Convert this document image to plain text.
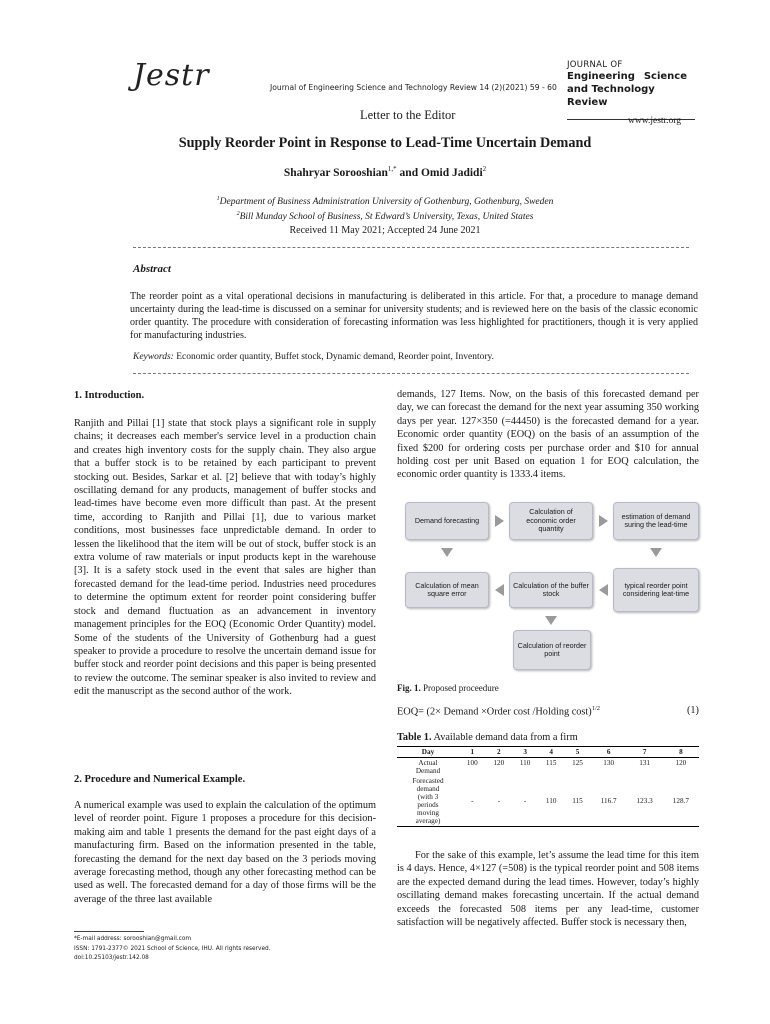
Jestr	Journal of Engineering Science and Technology Review 14 (2)(2021) 59 - 60
JOURNAL OF
Engineering Science
and Technology Review
Letter to the Editor	www.jestr.org
Supply Reorder Point in Response to Lead-Time Uncertain Demand
Shahryar Sorooshian$^{1,*}$ and Omid Jadidi$^2$
$^1$Department of Business Administration University of Gothenburg, Gothenburg, Sweden
$^2$Bill Munday School of Business, St Edward’s University, Texas, United States
Received 11 May 2021; Accepted 24 June 2021
Abstract
The reorder point as a vital operational decisions in manufacturing is deliberated in this article. For that, a procedure to manage demand uncertainty during the lead-time is discussed on a seminar for university students; and is reviewed here on the basis of the classic economic order quantity. The procedure with consideration of forecasting information was less highlighted for practitioners, though it is very applied for manufacturing industries.
Keywords: Economic order quantity, Buffet stock, Dynamic demand, Reorder point, Inventory.
1. Introduction.
Ranjith and Pillai [1] state that stock plays a significant role in supply chains; it decreases each member's service level in a production chain and creates high inventory costs for the supply chain. They also argue that a buffer stock is to be retained by each participant to prevent stocking out. Besides, Sarkar et al. [2] believe that with today’s highly oscillating demand for any products, management of buffer stocks and lead-times have become even more difficult than past. At the present time, according to Ranjith and Pillai [1], due to various market conditions, most businesses face unpredictable demand. In order to lessen the likelihood that the item will be out of stock, buffer stock is an extra volume of raw materials or input products kept in the warehouse [3]. It is a safety stock used in the event that sales are higher than forecasted demand for the lead-time period. Industries need procedures to determine the optimum extent for reorder point considering buffer stock and demand fluctuation as an advancement in inventory management principles for the EOQ (Economic Order Quantity) model. Some of the students of the University of Gothenburg had a guest speaker to provide a procedure to resolve the uncertain demand issue for buffer stock and reorder point decisions and this paper is being presented to review the outcome. The seminar speaker is also invited to review and edit the manuscript as the second author of the work.
2. Procedure and Numerical Example.
A numerical example was used to explain the calculation of the optimum level of reorder point. Figure 1 proposes a procedure for this decision-making aim and table 1 presents the demand for the past eight days of a manufacturing firm. Based on the information presented in the table, forecasting the demand for the next day based on the 3 periods moving average forecasting method, though any other forecasting method can be used as well. The forecasted demand for a day of those firms will be the average of the three last available
demands, 127 Items. Now, on the basis of this forecasted demand per day, we can forecast the demand for the next year assuming 350 working days per year. 127×350 (=44450) is the forecasted demand for a year. Economic order quantity (EOQ) on the basis of an assumption of the fixed $200 for ordering costs per purchase order and $10 for annual holding cost per unit Based on equation 1 for EOQ calculation, the economic order quantity is 1333.4 items.
Demand forecasting
Calculation of economic order quantity
estimation of demand suring the lead-time
typical reorder point considering leat-time
Calculation of the buffer stock
Calculation of mean square error
Calculation of reorder point
Fig. 1. Proposed proceedure
EOQ= (2× Demand ×Order cost /Holding cost)$^{1/2}$	(1)
Table 1. Available demand data from a firm
Day	1	2	3	4	5	6	7	8
Actual Demand	100	120	110	115	125	130	131	120
Forecasted demand (with 3 periods moving average)	-	-	-	110	115	116.7	123.3	128.7
For the sake of this example, let’s assume the lead time for this item is 4 days. Hence, 4×127 (=508) is the typical reorder point and 508 items are the expected demand during the lead times. However, today’s highly oscillating demand makes forecasting uncertain. If the actual demand exceeds the forecasted 508 items per any lead-time, customer satisfaction will be negatively affected. Buffer stock is necessary then,
*E-mail address: sorooshian@gmail.com
ISSN: 1791-2377© 2021 School of Science, IHU. All rights reserved.
doi:10.25103/jestr.142.08
